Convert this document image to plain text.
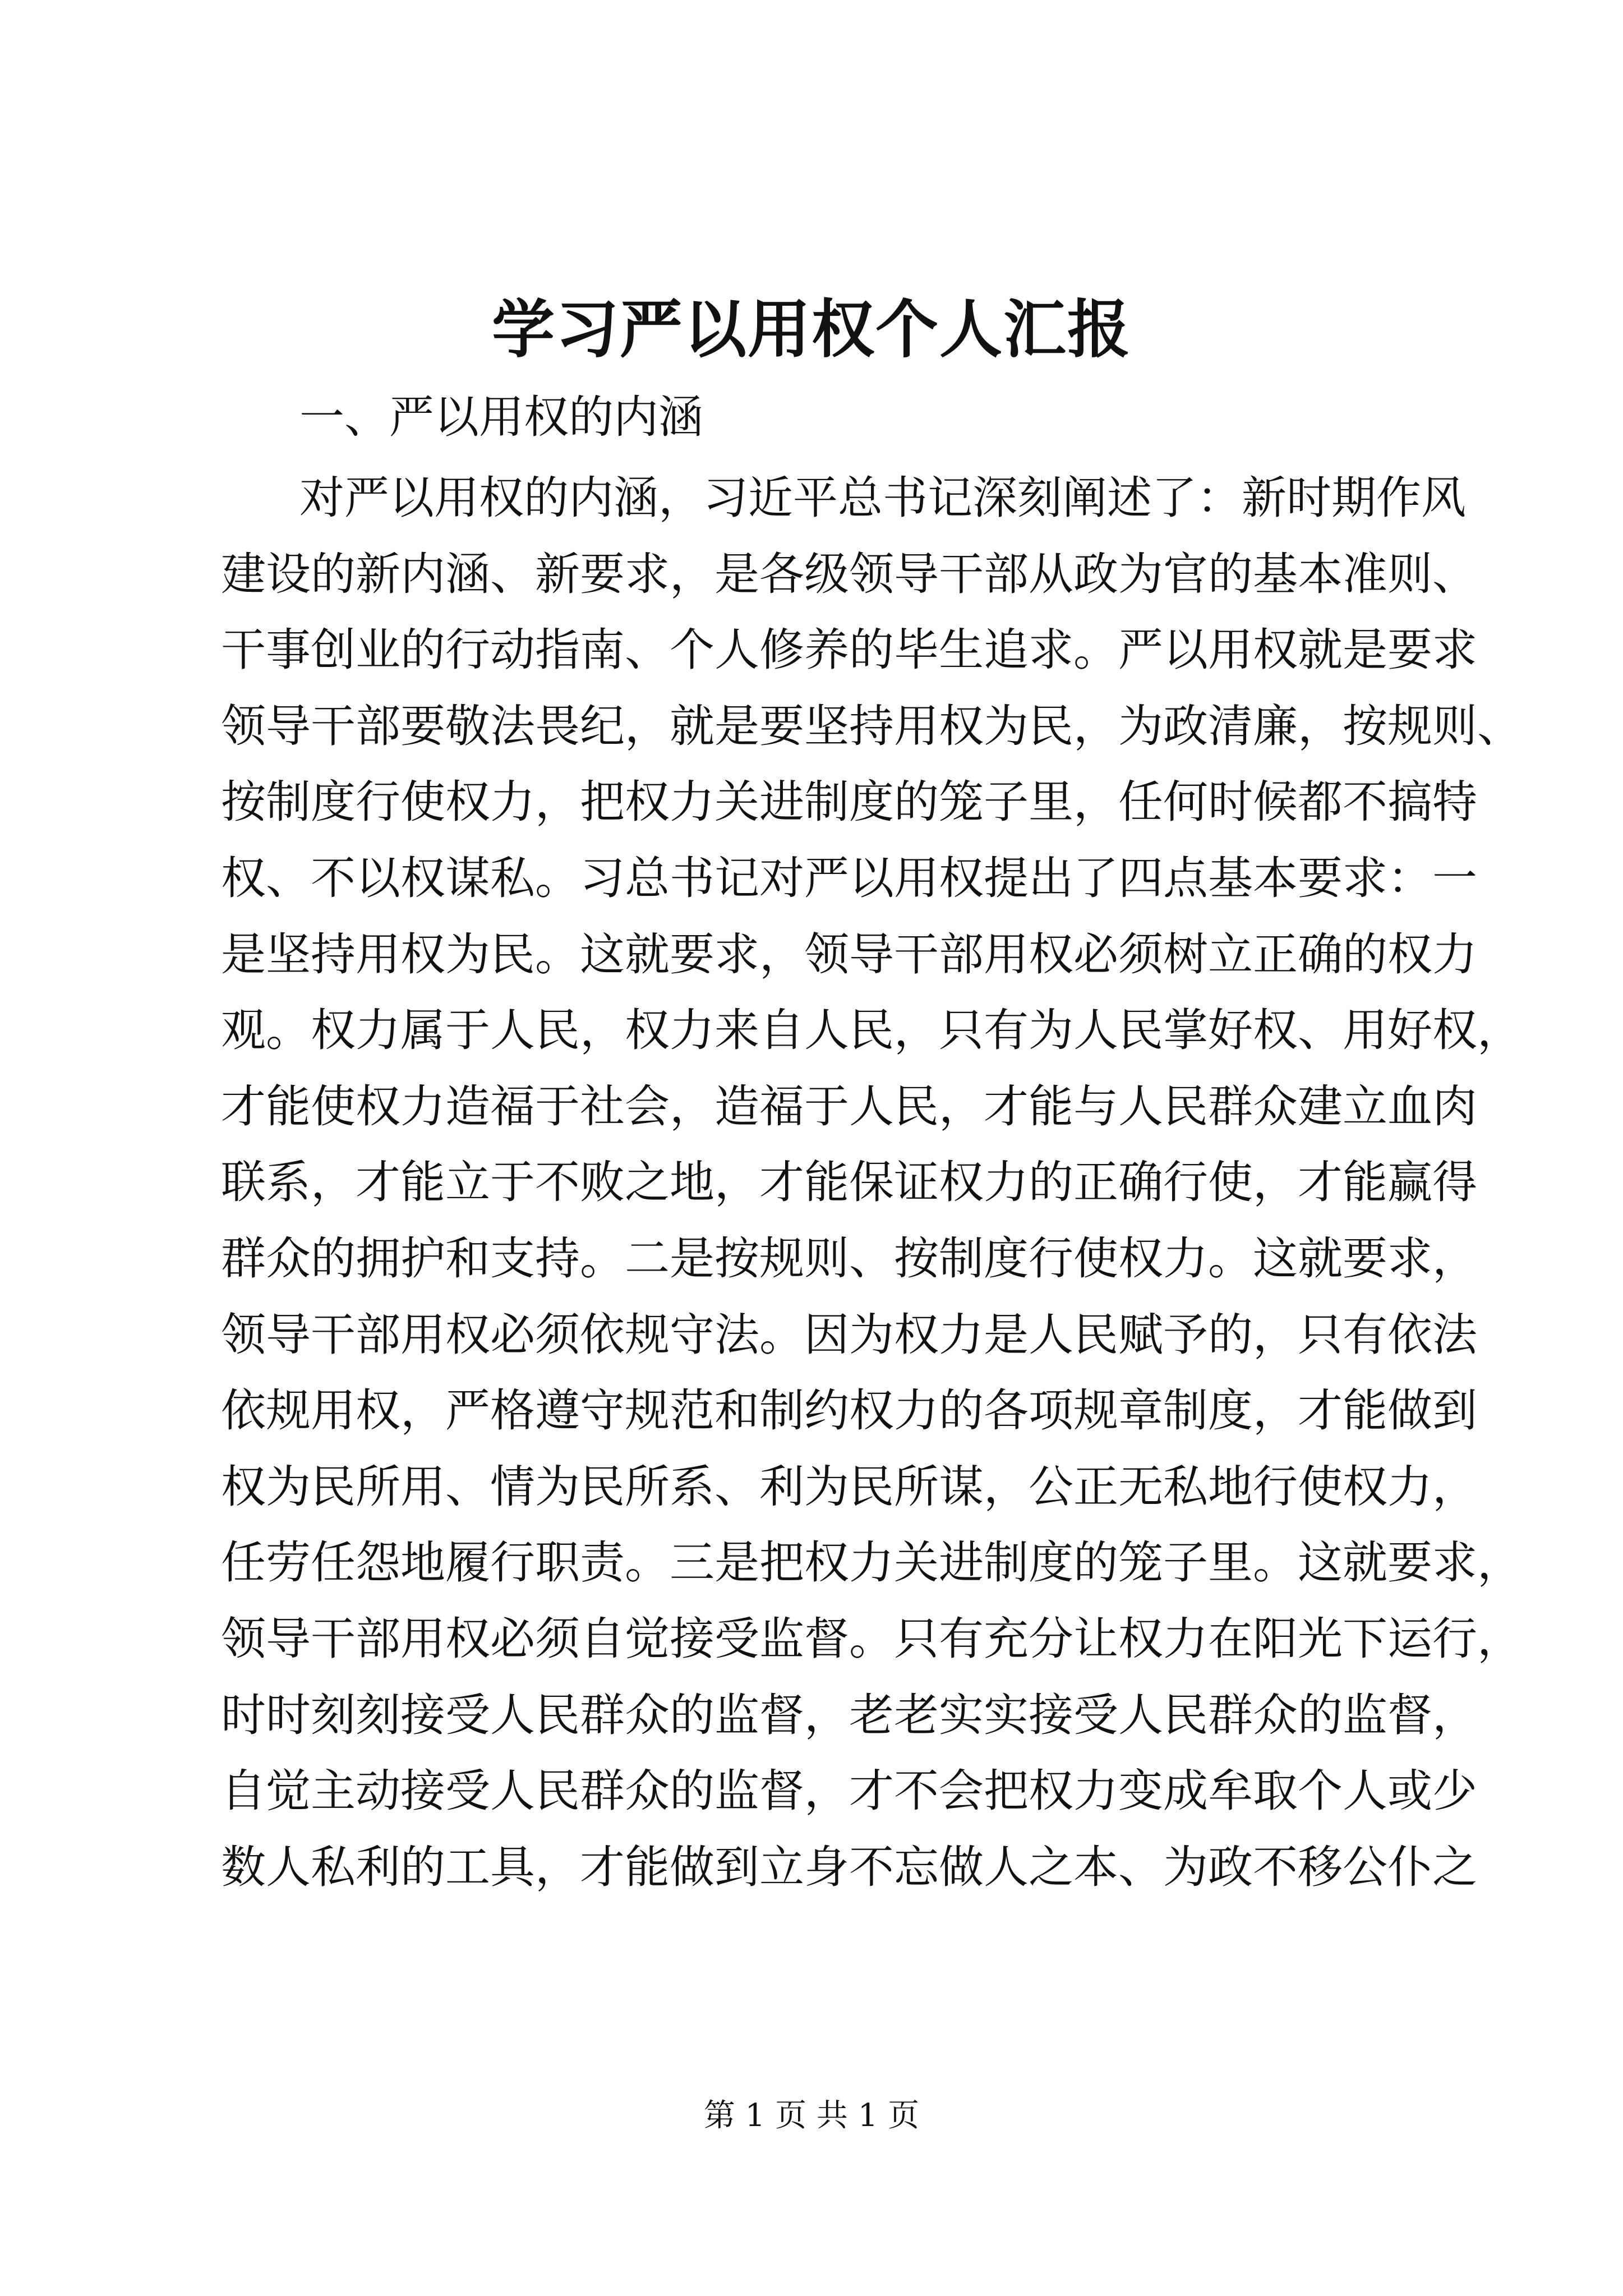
学习严以用权个人汇报
一、严以用权的内涵
对严以用权的内涵，习近平总书记深刻阐述了：新时期作风
建设的新内涵、新要求，是各级领导干部从政为官的基本准则、
干事创业的行动指南、个人修养的毕生追求。严以用权就是要求
领导干部要敬法畏纪，就是要坚持用权为民，为政清廉，按规则、
按制度行使权力，把权力关进制度的笼子里，任何时候都不搞特
权、不以权谋私。习总书记对严以用权提出了四点基本要求：一
是坚持用权为民。这就要求，领导干部用权必须树立正确的权力
观。权力属于人民，权力来自人民，只有为人民掌好权、用好权，
才能使权力造福于社会，造福于人民，才能与人民群众建立血肉
联系，才能立于不败之地，才能保证权力的正确行使，才能赢得
群众的拥护和支持。二是按规则、按制度行使权力。这就要求，
领导干部用权必须依规守法。因为权力是人民赋予的，只有依法
依规用权，严格遵守规范和制约权力的各项规章制度，才能做到
权为民所用、情为民所系、利为民所谋，公正无私地行使权力，
任劳任怨地履行职责。三是把权力关进制度的笼子里。这就要求，
领导干部用权必须自觉接受监督。只有充分让权力在阳光下运行，
时时刻刻接受人民群众的监督，老老实实接受人民群众的监督，
自觉主动接受人民群众的监督，才不会把权力变成牟取个人或少
数人私利的工具，才能做到立身不忘做人之本、为政不移公仆之
第 1 页 共 1 页
